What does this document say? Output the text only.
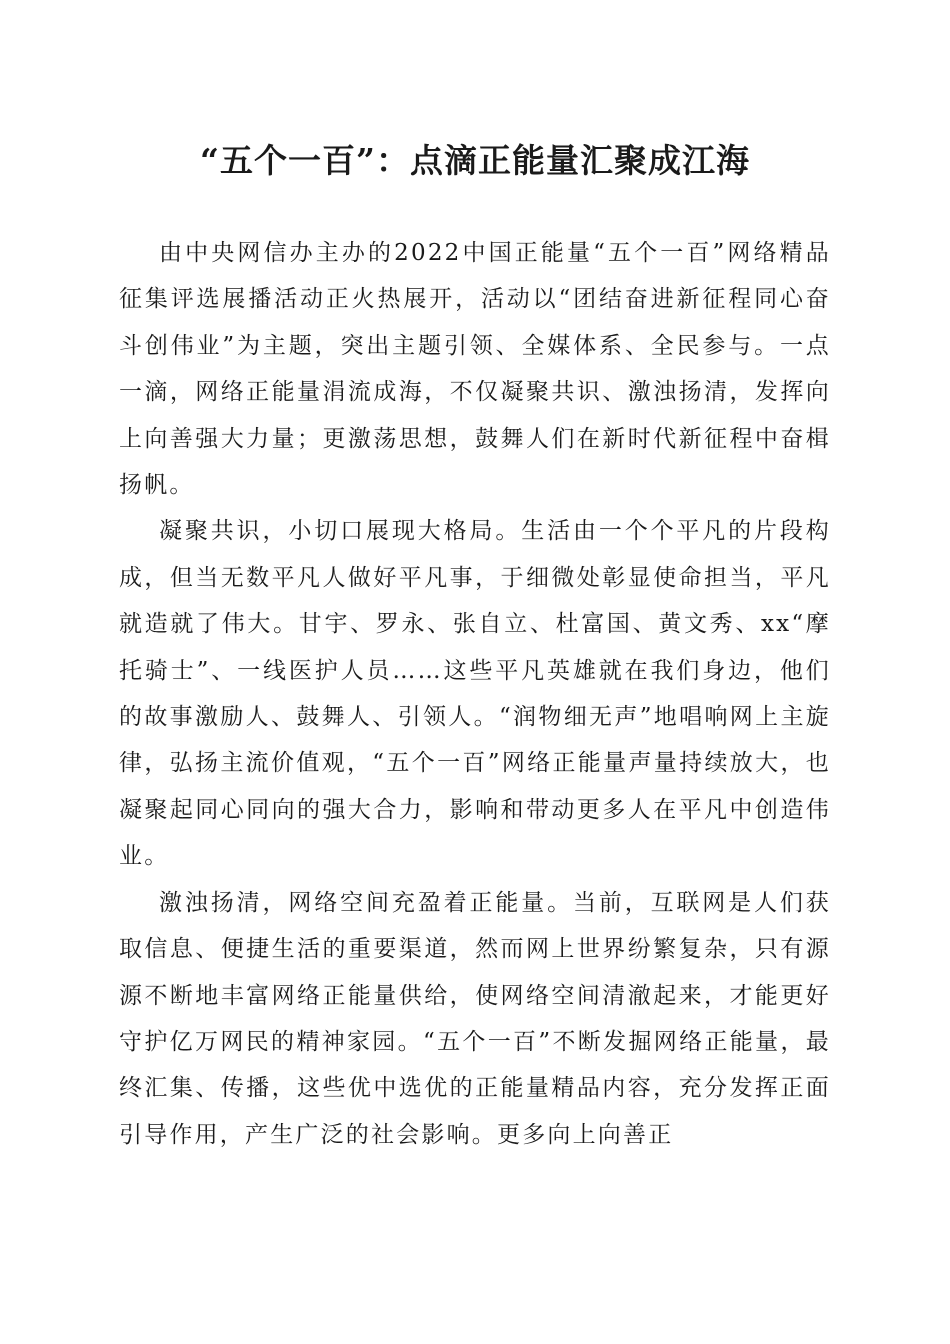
“五个一百”：点滴正能量汇聚成江海

由中央网信办主办的2022中国正能量“五个一百”网络精品征集评选展播活动正火热展开，活动以“团结奋进新征程同心奋斗创伟业”为主题，突出主题引领、全媒体系、全民参与。一点一滴，网络正能量涓流成海，不仅凝聚共识、激浊扬清，发挥向上向善强大力量；更激荡思想，鼓舞人们在新时代新征程中奋楫扬帆。

凝聚共识，小切口展现大格局。生活由一个个平凡的片段构成，但当无数平凡人做好平凡事，于细微处彰显使命担当，平凡就造就了伟大。甘宇、罗永、张自立、杜富国、黄文秀、xx“摩托骑士”、一线医护人员……这些平凡英雄就在我们身边，他们的故事激励人、鼓舞人、引领人。“润物细无声”地唱响网上主旋律，弘扬主流价值观，“五个一百”网络正能量声量持续放大，也凝聚起同心同向的强大合力，影响和带动更多人在平凡中创造伟业。

激浊扬清，网络空间充盈着正能量。当前，互联网是人们获取信息、便捷生活的重要渠道，然而网上世界纷繁复杂，只有源源不断地丰富网络正能量供给，使网络空间清澈起来，才能更好守护亿万网民的精神家园。“五个一百”不断发掘网络正能量，最终汇集、传播，这些优中选优的正能量精品内容，充分发挥正面引导作用，产生广泛的社会影响。更多向上向善正
